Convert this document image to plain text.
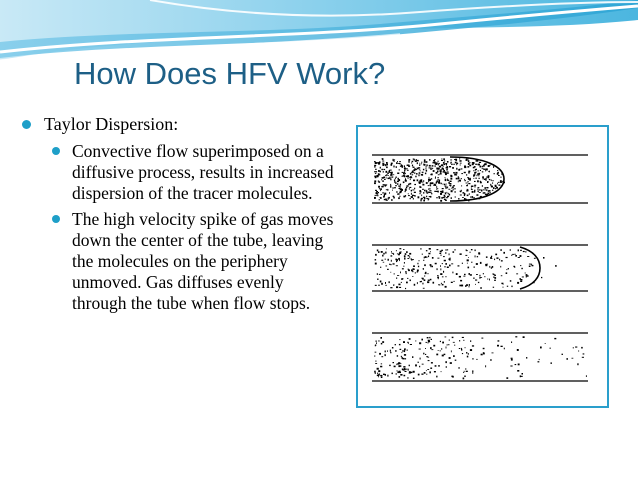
How Does HFV Work?
Taylor Dispersion:
Convective flow superimposed on a diffusive process, results in increased dispersion of the tracer molecules.
The high velocity spike of gas moves down the center of the tube, leaving the molecules on the periphery unmoved. Gas diffuses evenly through the tube when flow stops.
